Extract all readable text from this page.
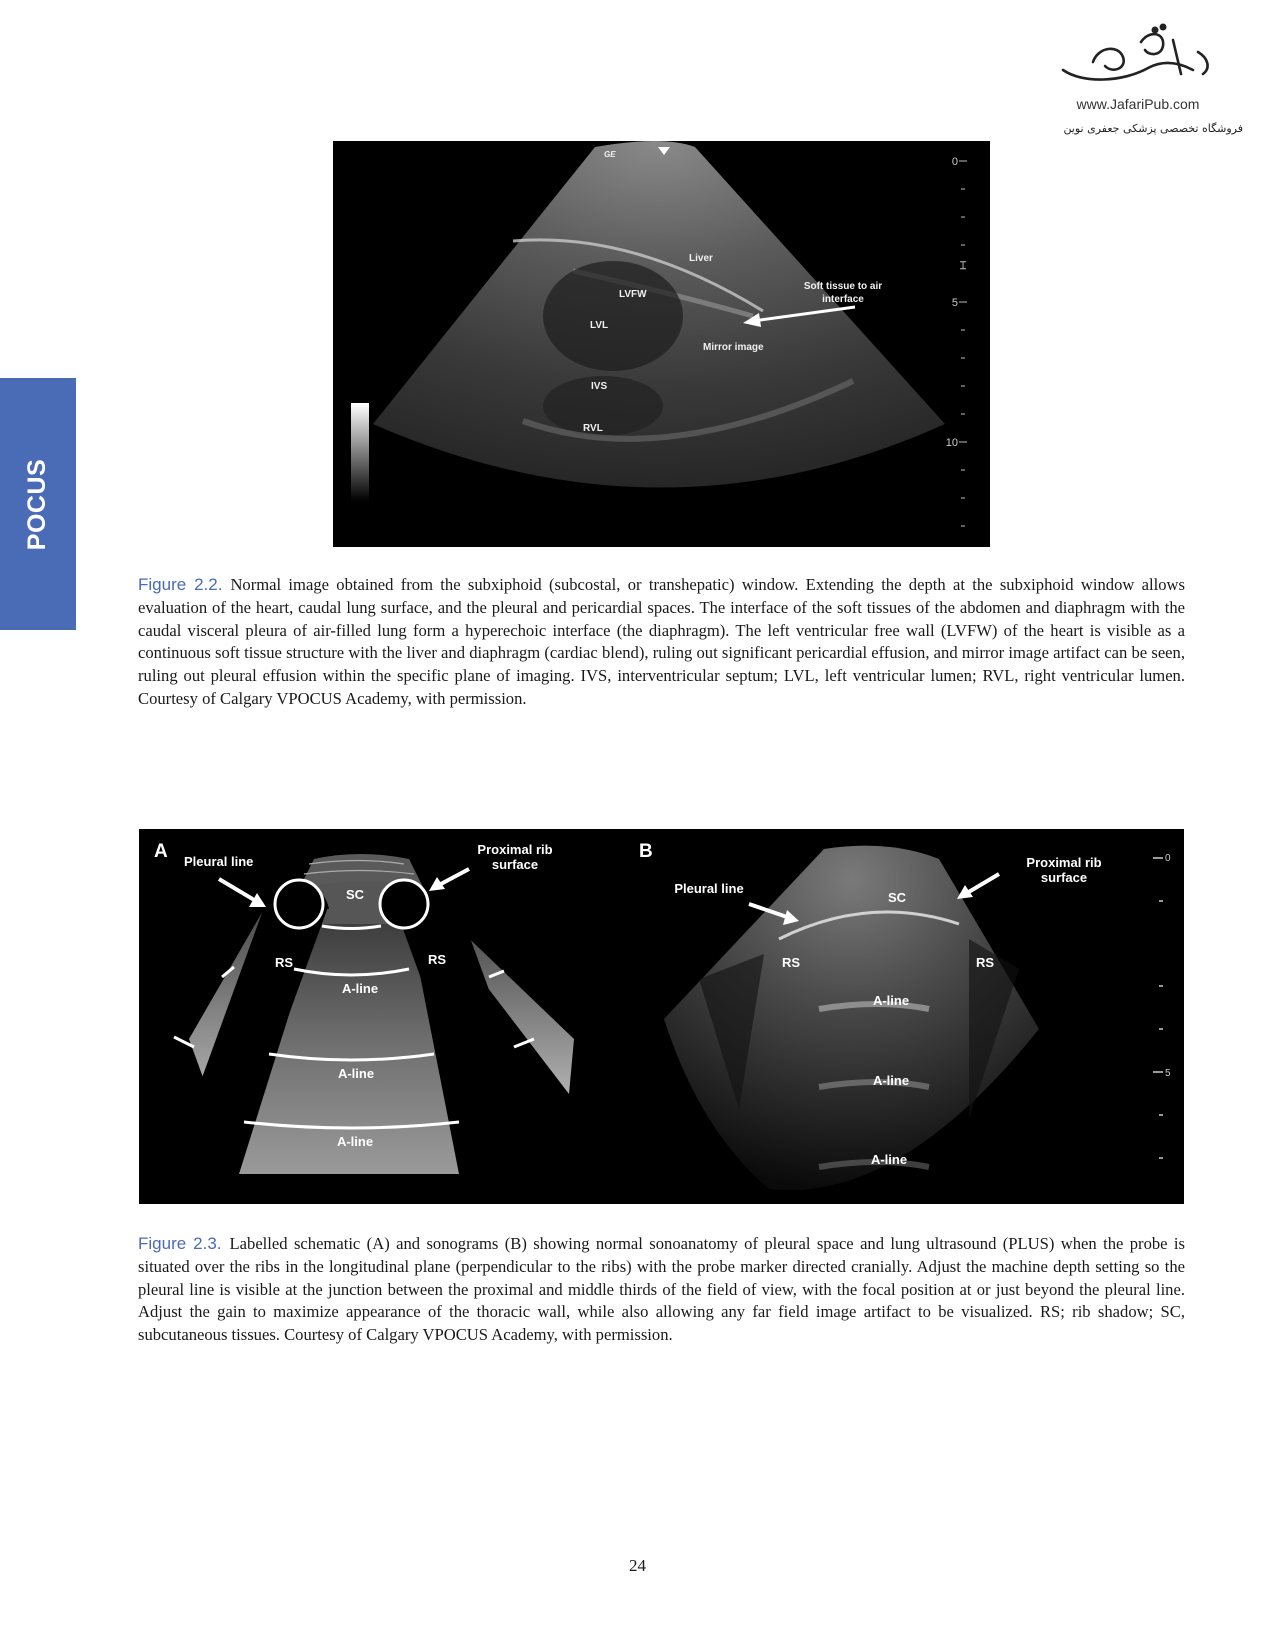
POCUS
www.JafariPub.com
فروشگاه تخصصی پزشکی جعفری نوین
GE
Liver
LVFW
LVL
Mirror image
IVS
RVL
Soft tissue to air
interface
0
5
10
⌶

Figure 2.2. Normal image obtained from the subxiphoid (subcostal, or transhepatic) window. Extending the depth at the subxiphoid window allows evaluation of the heart, caudal lung surface, and the pleural and pericardial spaces. The interface of the soft tissues of the abdomen and diaphragm with the caudal visceral pleura of air-filled lung form a hyperechoic interface (the diaphragm). The left ventricular free wall (LVFW) of the heart is visible as a continuous soft tissue structure with the liver and diaphragm (cardiac blend), ruling out significant pericardial effusion, and mirror image artifact can be seen, ruling out pleural effusion within the specific plane of imaging. IVS, interventricular septum; LVL, left ventricular lumen; RVL, right ventricular lumen. Courtesy of Calgary VPOCUS Academy, with permission.

A Pleural line
Proximal rib
surface
SC
RS	RS
A-line
A-line
A-line
B
Pleural line
Proximal rib
surface
SC
RS	RS
A-line
A-line
A-line
0
5

Figure 2.3. Labelled schematic (A) and sonograms (B) showing normal sonoanatomy of pleural space and lung ultrasound (PLUS) when the probe is situated over the ribs in the longitudinal plane (perpendicular to the ribs) with the probe marker directed cranially. Adjust the machine depth setting so the pleural line is visible at the junction between the proximal and middle thirds of the field of view, with the focal position at or just beyond the pleural line. Adjust the gain to maximize appearance of the thoracic wall, while also allowing any far field image artifact to be visualized. RS; rib shadow; SC, subcutaneous tissues. Courtesy of Calgary VPOCUS Academy, with permission.

24
